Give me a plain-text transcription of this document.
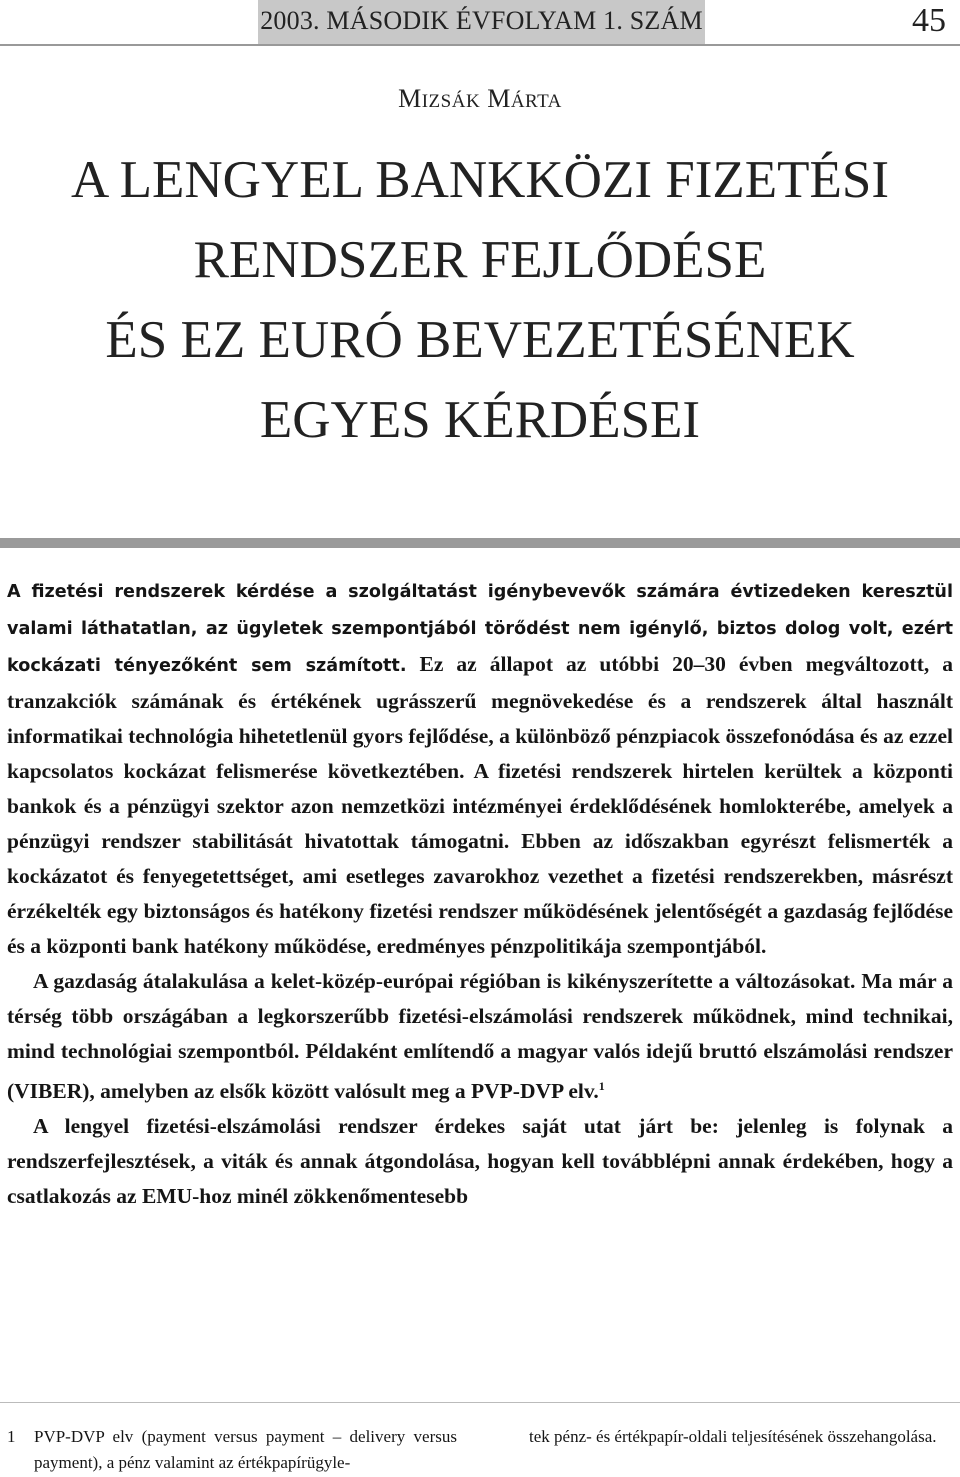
2003. MÁSODIK ÉVFOLYAM 1. SZÁM	45
MIZSÁK MÁRTA
A LENGYEL BANKKÖZI FIZETÉSI
RENDSZER FEJLŐDÉSE
ÉS EZ EURÓ BEVEZETÉSÉNEK
EGYES KÉRDÉSEI

A fizetési rendszerek kérdése a szolgáltatást igénybevevők számára évtizedeken keresztül valami láthatatlan, az ügyletek szempontjából törődést nem igénylő, biztos dolog volt, ezért kockázati tényezőként sem számított. Ez az állapot az utóbbi 20–30 évben megváltozott, a tranzakciók számának és értékének ugrásszerű megnövekedése és a rendszerek által használt informatikai technológia hihetetlenül gyors fejlődése, a különböző pénzpiacok összefonódása és az ezzel kapcsolatos kockázat felismerése következtében. A fizetési rendszerek hirtelen kerültek a központi bankok és a pénzügyi szektor azon nemzetközi intézményei érdeklődésének homlokterébe, amelyek a pénzügyi rendszer stabilitását hivatottak támogatni. Ebben az időszakban egyrészt felismerték a kockázatot és fenyegetettséget, ami esetleges zavarokhoz vezethet a fizetési rendszerekben, másrészt érzékelték egy biztonságos és hatékony fizetési rendszer működésének jelentőségét a gazdaság fejlődése és a központi bank hatékony működése, eredményes pénzpolitikája szempontjából.

A gazdaság átalakulása a kelet-közép-európai régióban is kikényszerítette a változásokat. Ma már a térség több országában a legkorszerűbb fizetési-elszámolási rendszerek működnek, mind technikai, mind technológiai szempontból. Példaként említendő a magyar valós idejű bruttó elszámolási rendszer (VIBER), amelyben az elsők között valósult meg a PVP-DVP elv.$^1$

A lengyel fizetési-elszámolási rendszer érdekes saját utat járt be: jelenleg is folynak a rendszerfejlesztések, a viták és annak átgondolása, hogyan kell továbblépni annak érdekében, hogy a csatlakozás az EMU-hoz minél zökkenőmentesebb

1 PVP-DVP elv (payment versus payment – delivery versus payment), a pénz valamint az értékpapírügyle-
tek pénz- és értékpapír-oldali teljesítésének összehangolása.
